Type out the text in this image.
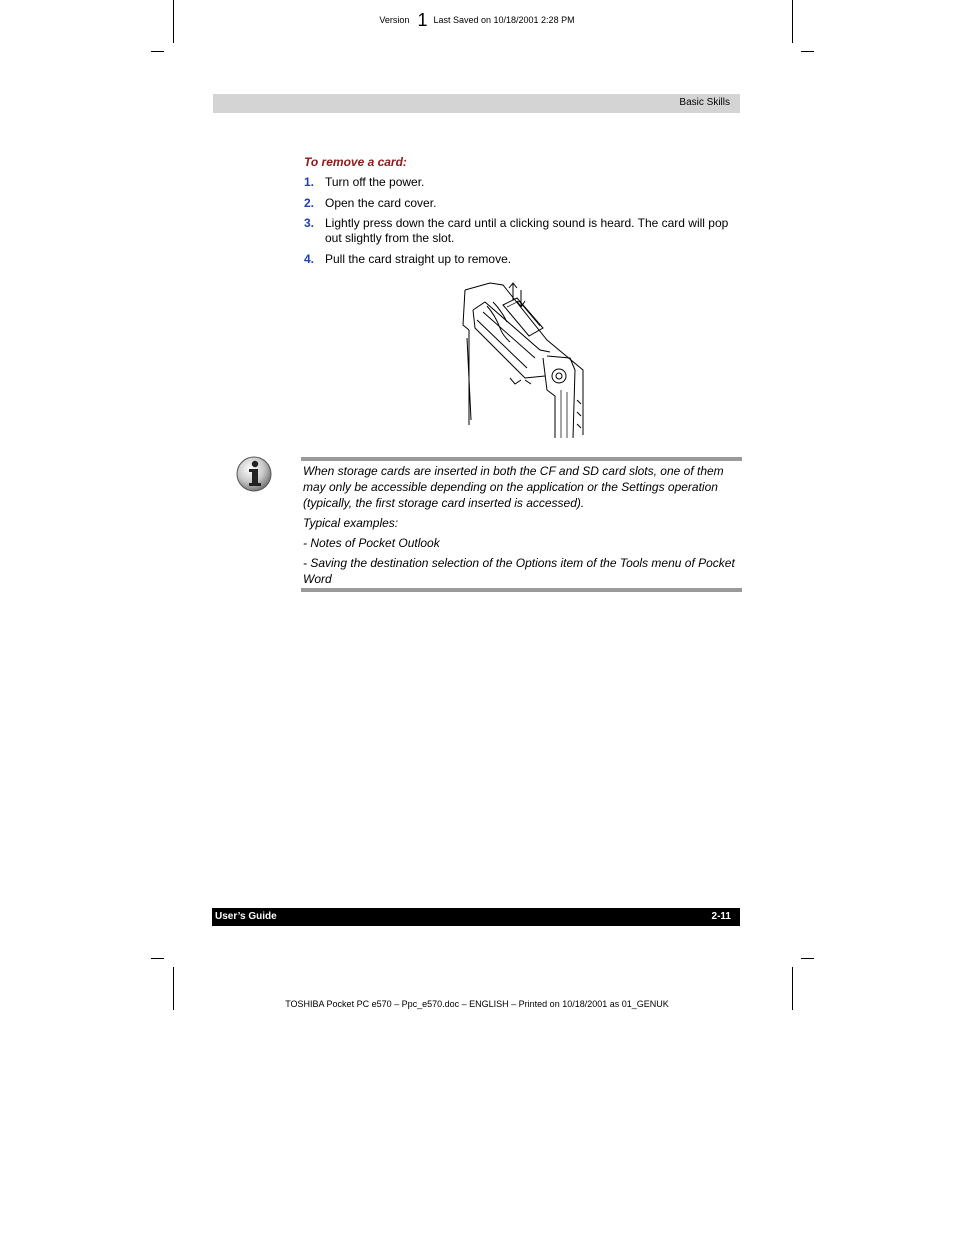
Version 1 Last Saved on 10/18/2001 2:28 PM
Basic Skills
To remove a card:
1. Turn off the power.
2. Open the card cover.
3. Lightly press down the card until a clicking sound is heard. The card will pop out slightly from the slot.
4. Pull the card straight up to remove.

When storage cards are inserted in both the CF and SD card slots, one of them may only be accessible depending on the application or the Settings operation (typically, the first storage card inserted is accessed).

Typical examples:

- Notes of Pocket Outlook

- Saving the destination selection of the Options item of the Tools menu of Pocket Word

User’s Guide	2-11
TOSHIBA Pocket PC e570 – Ppc_e570.doc – ENGLISH – Printed on 10/18/2001 as 01_GENUK
